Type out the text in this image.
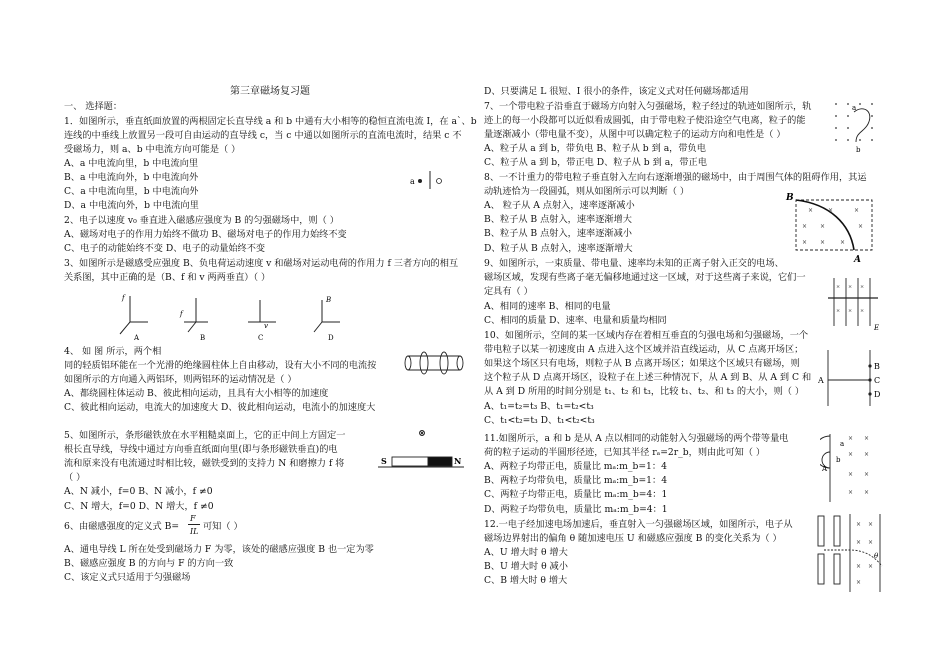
第三章磁场复习题
一、 选择题：
1．如图所示，垂直纸面放置的两根固定长直导线 a 和 b 中通有大小相等的稳恒直流电流 I，在 a`、b
连线的中垂线上放置另一段可自由运动的直导线 c，当 c 中通以如图所示的直流电流时，结果 c 不
受磁场力，则 a、b 中电流方向可能是（ ）
A、a 中电流向里，b 中电流向里
B、a 中电流向外，b 中电流向外
C、a 中电流向里，b 中电流向外
D、a 中电流向外，b 中电流向里
a
2、电子以速度 v₀ 垂直进入磁感应强度为 B 的匀强磁场中，则（ ）
A、磁场对电子的作用力始终不做功 B、磁场对电子的作用力始终不变
C、电子的动能始终不变 D、电子的动量始终不变
3、如图所示是磁感受应强度 B、负电荷运动速度 v 和磁场对运动电荷的作用力 f 三者方向的相互
关系图，其中正确的是（B、f 和 v 两两垂直）（ ）
f
A
f
B
v
C
B
D
4、 如 图 所示，两个相
同的轻质铝环能在一个光滑的绝缘圆柱体上自由移动，设有大小不同的电流按
如图所示的方向通入两铝环，则两铝环的运动情况是（ ）
A、都绕圆柱体运动 B、彼此相向运动，且具有大小相等的加速度
C、彼此相向运动，电流大的加速度大 D、彼此相向运动，电流小的加速度大
5、如图所示，条形磁铁放在水平粗糙桌面上，它的正中间上方固定一
根长直导线，导线中通过方向垂直纸面向里(即与条形磁铁垂直)的电
流和原来没有电流通过时相比较，磁铁受到的支持力 N 和磨擦力 f 将
（ ）
A、N 减小，f=0 B、N 减小，f ≠0
C、N 增大，f=0 D、N 增大，f ≠0
S	N
6、由磁感强度的定义式 B=
F
IL 可知（ ）
A、通电导线 L 所在处受到磁场力 F 为零，该处的磁感应强度 B 也一定为零
B、磁感应强度 B 的方向与 F 的方向一致
C、该定义式只适用于匀强磁场
D、只要满足 L 很短、I 很小的条件，该定义式对任何磁场都适用
7、一个带电粒子沿垂直于磁场方向射入匀强磁场，粒子经过的轨迹如图所示，轨
迹上的每一小段都可以近似看成圆弧，由于带电粒子使沿途空气电离，粒子的能
量逐渐减小（带电量不变），从图中可以确定粒子的运动方向和电性是（ ）
A、粒子从 a 到 b，带负电 B、粒子从 b 到 a，带负电
C、粒子从 a 到 b，带正电 D、粒子从 b 到 a，带正电
a
b
8、一不计重力的带电粒子垂直射入左向右逐渐增强的磁场中，由于周围气体的阻碍作用，其运
动轨迹恰为一段圆弧，则从如图所示可以判断（ ）
A、 粒子从 A 点射入，速率逐渐减小
B、粒子从 B 点射入，速率逐渐增大
B、粒子从 B 点射入，速率逐渐减小
D、粒子从 B 点射入，速率逐渐增大
× ×	×
× ×	×
× × ×
B
A
9、如图所示，一束质量、带电量、速率均未知的正离子射入正交的电场、
磁场区域，发现有些离子毫无偏移地通过这一区域，对于这些离子来说，它们一
定具有（ ）
A、相同的速率 B、相同的电量
C、相同的质量 D、速率、电量和质量均相同
× × ×
× × ×
E
10、如图所示，空间的某一区域内存在着相互垂直的匀强电场和匀强磁场，一个
带电粒子以某一初速度由 A 点进入这个区域并沿直线运动，从 C 点离开场区；
如果这个场区只有电场，则粒子从 B 点离开场区；如果这个区域只有磁场，则
这个粒子从 D 点离开场区，设粒子在上述三种情况下，从 A 到 B、从 A 到 C 和
从 A 到 D 所用的时间分别是 t₁、t₂ 和 t₃，比较 t₁、t₂、和 t₃ 的大小，则（ ）
A、t₁=t₂=t₃ B、t₁=t₂<t₃
C、t₁<t₂=t₃ D、t₁<t₂<t₃
A
B
C
D
11.如图所示，a 和 b 是从 A 点以相同的动能射入匀强磁场的两个带等量电
荷的粒子运动的半圆形径迹，已知其半径 rₐ=2r_b，则由此可知（ ）
A、两粒子均带正电，质量比 mₐ:m_b=1：4
B、两粒子均带负电，质量比 mₐ:m_b=1：4
C、两粒子均带正电，质量比 mₐ:m_b=4：1
D、两粒子均带负电，质量比 mₐ:m_b=4：1
× ×
× ×
× ×
× ×
A
a
b
12.一电子经加速电场加速后，垂直射入一匀强磁场区域，如图所示，电子从
磁场边界射出的偏角 θ 随加速电压 U 和磁感应强度 B 的变化关系为（ ）
A、U 增大时 θ 增大
B、U 增大时 θ 减小
C、B 增大时 θ 增大
× ×
× ×
× ×
×
θ
